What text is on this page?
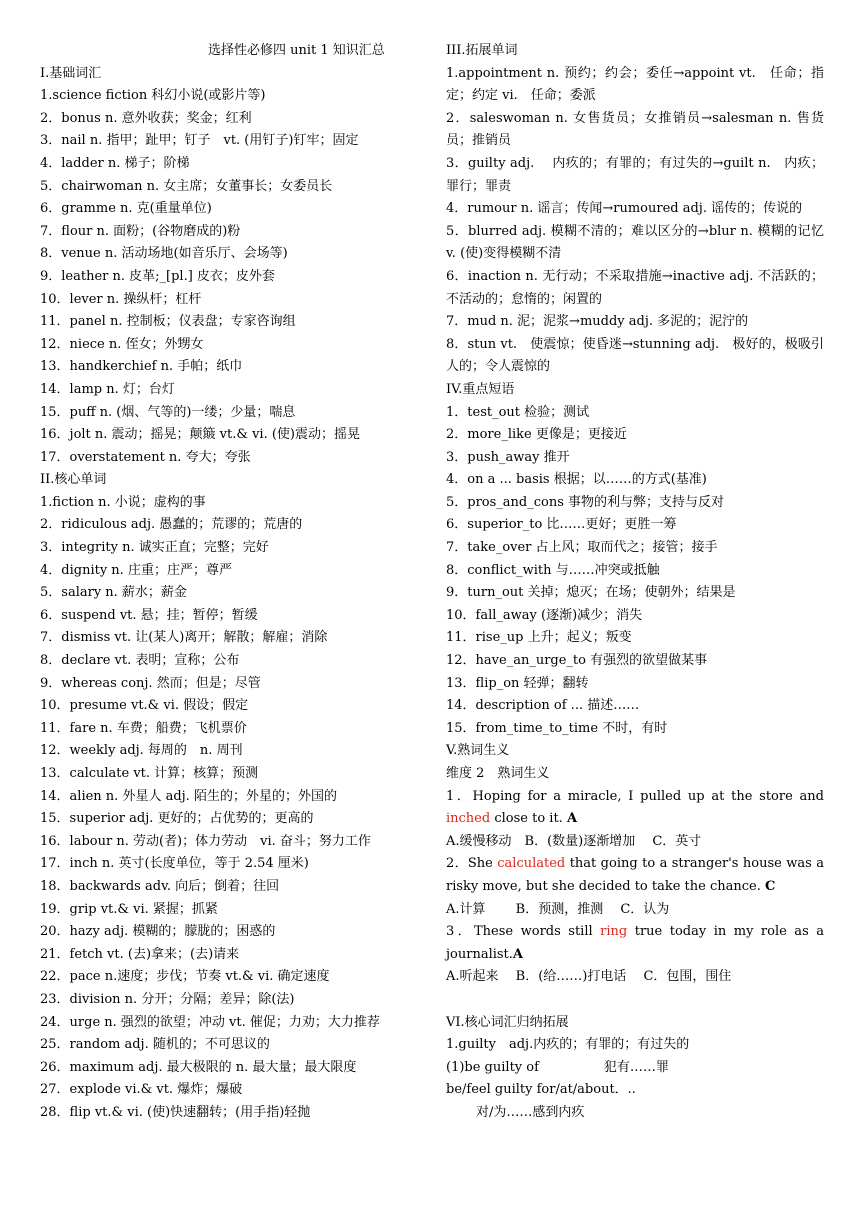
选择性必修四 unit 1 知识汇总
I.基础词汇
1.science fiction 科幻小说(或影片等)
2．bonus n. 意外收获；奖金；红利
3．nail n. 指甲；趾甲；钉子　vt. (用钉子)钉牢；固定
4．ladder n. 梯子；阶梯
5．chairwoman n. 女主席；女董事长；女委员长
6．gramme n. 克(重量单位)
7．flour n. 面粉；(谷物磨成的)粉
8．venue n. 活动场地(如音乐厅、会场等)
9．leather n. 皮革;_[pl.] 皮衣；皮外套
10．lever n. 操纵杆；杠杆
11．panel n. 控制板；仪表盘；专家咨询组
12．niece n. 侄女；外甥女
13．handkerchief n. 手帕；纸巾
14．lamp n. 灯；台灯
15．puff n. (烟、气等的)一缕；少量；喘息
16．jolt n. 震动；摇晃；颠簸 vt.& vi. (使)震动；摇晃
17．overstatement n. 夸大；夸张
II.核心单词
1.fiction n. 小说；虚构的事
2．ridiculous adj. 愚蠢的；荒谬的；荒唐的
3．integrity n. 诚实正直；完整；完好
4．dignity n. 庄重；庄严；尊严
5．salary n. 薪水；薪金
6．suspend vt. 悬；挂；暂停；暂缓
7．dismiss vt. 让(某人)离开；解散；解雇；消除
8．declare vt. 表明；宣称；公布
9．whereas conj. 然而；但是；尽管
10．presume vt.& vi. 假设；假定
11．fare n. 车费；船费；飞机票价
12．weekly adj. 每周的　n. 周刊
13．calculate vt. 计算；核算；预测
14．alien n. 外星人 adj. 陌生的；外星的；外国的
15．superior adj. 更好的；占优势的；更高的
16．labour n. 劳动(者)；体力劳动　vi. 奋斗；努力工作
17．inch n. 英寸(长度单位，等于 2.54 厘米)
18．backwards adv. 向后；倒着；往回
19．grip vt.& vi. 紧握；抓紧
20．hazy adj. 模糊的；朦胧的；困惑的
21．fetch vt. (去)拿来；(去)请来
22．pace n.速度；步伐；节奏 vt.& vi. 确定速度
23．division n. 分开；分隔；差异；除(法)
24．urge n. 强烈的欲望；冲动 vt. 催促；力劝；大力推荐
25．random adj. 随机的；不可思议的
26．maximum adj. 最大极限的 n. 最大量；最大限度
27．explode vi.& vt. 爆炸；爆破
28．flip vt.& vi. (使)快速翻转；(用手指)轻抛
III.拓展单词
1.appointment n. 预约；约会；委任→appoint vt.　任命；指定；约定 vi.　任命；委派
2．saleswoman n. 女售货员；女推销员→salesman n. 售货员；推销员
3．guilty adj.　 内疚的；有罪的；有过失的→guilt n.　内疚；罪行；罪责
4．rumour n. 谣言；传闻→rumoured adj. 谣传的；传说的
5．blurred adj. 模糊不清的；难以区分的→blur n. 模糊的记忆　v. (使)变得模糊不清
6．inaction n. 无行动；不采取措施→inactive adj. 不活跃的；不活动的；怠惰的；闲置的
7．mud n. 泥；泥浆→muddy adj. 多泥的；泥泞的
8．stun vt.　使震惊；使昏迷→stunning adj.　极好的，极吸引人的；令人震惊的
IV.重点短语
1．test_out 检验；测试
2．more_like 更像是；更接近
3．push_away 推开
4．on a ... basis 根据；以……的方式(基准)
5．pros_and_cons 事物的利与弊；支持与反对
6．superior_to 比……更好；更胜一筹
7．take_over 占上风；取而代之；接管；接手
8．conflict_with 与……冲突或抵触
9．turn_out 关掉；熄灭；在场；使朝外；结果是
10．fall_away (逐渐)减少；消失
11．rise_up 上升；起义；叛变
12．have_an_urge_to 有强烈的欲望做某事
13．flip_on 轻弹；翻转
14．description of ... 描述……
15．from_time_to_time 不时，有时
V.熟词生义
维度 2　熟词生义
1．Hoping for a miracle, I pulled up at the store and inched close to it. A
A.缓慢移动　B．(数量)逐渐增加　 C．英寸
2．She calculated that going to a stranger's house was a risky move, but she decided to take the chance. C
A.计算　　 B．预测，推测　 C．认为
3．These words still ring true today in my role as a journalist.A
A.听起来　 B．(给……)打电话　 C．包围，围住
VI.核心词汇归纳拓展
1.guilty　adj.内疚的；有罪的；有过失的
(1)be guilty of　　　　　犯有……罪
be/feel guilty for/at/about．..
对/为……感到内疚
